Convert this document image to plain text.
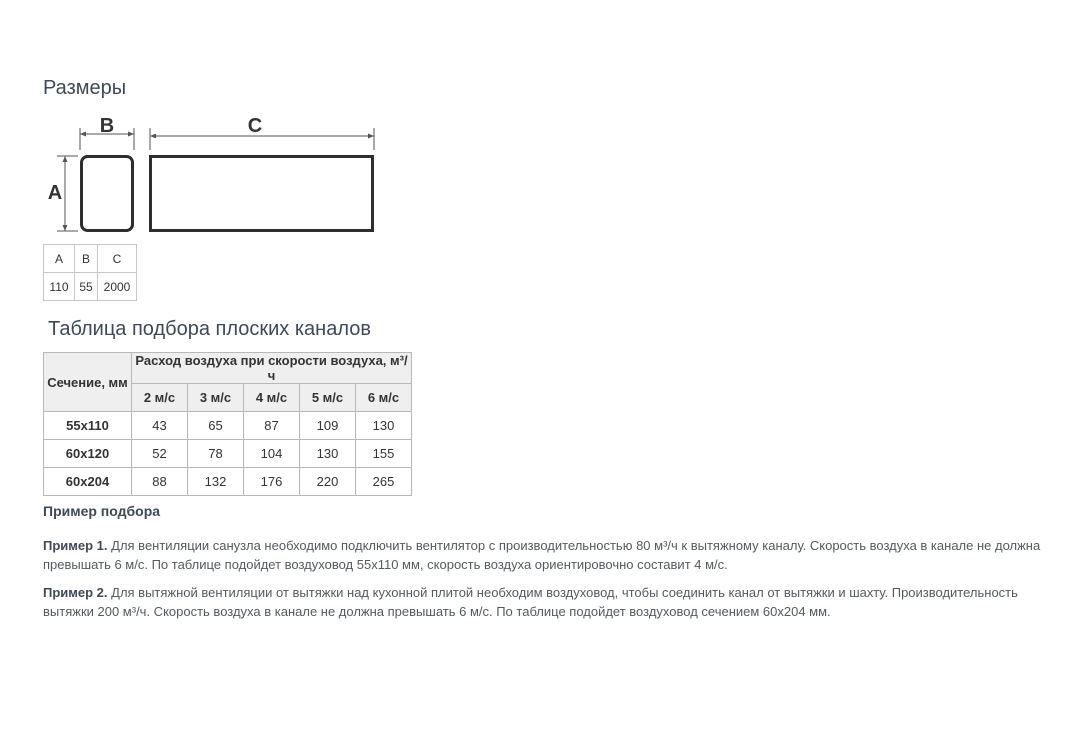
Размеры
B	C
A
A	B	C
110	55	2000
Таблица подбора плоских каналов
Сечение, мм	Расход воздуха при скорости воздуха, м³/ч				
	2 м/с	3 м/с	4 м/с	5 м/с	6 м/с
55х110	43	65	87	109	130
60х120	52	78	104	130	155
60х204	88	132	176	220	265
Пример подбора

Пример 1. Для вентиляции санузла необходимо подключить вентилятор с производительностью 80 м³/ч к вытяжному каналу. Скорость воздуха в канале не должна превышать 6 м/с. По таблице подойдет воздуховод 55х110 мм, скорость воздуха ориентировочно составит 4 м/с.

Пример 2. Для вытяжной вентиляции от вытяжки над кухонной плитой необходим воздуховод, чтобы соединить канал от вытяжки и шахту. Производительность вытяжки 200 м³/ч. Скорость воздуха в канале не должна превышать 6 м/с. По таблице подойдет воздуховод сечением 60х204 мм.
